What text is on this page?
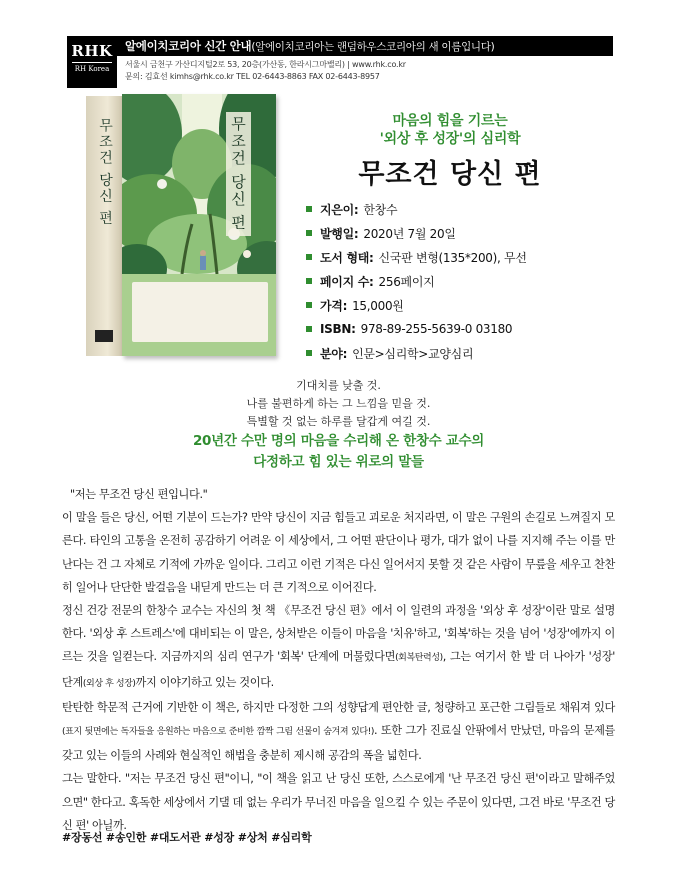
RHK
RH Korea
알에이치코리아 신간 안내(알에이치코리아는 랜덤하우스코리아의 새 이름입니다)
서울시 금천구 가산디지털2로 53, 20층(가산동, 한라시그마밸리) | www.rhk.co.kr
문의: 김효선 kimhs@rhk.co.kr TEL 02-6443-8863 FAX 02-6443-8957
무조건 당신 편	무조건 당신 편	마음의 힘을 기르는
'외상 후 성장'의 심리학
무조건 당신 편
지은이: 한창수
발행일: 2020년 7월 20일
도서 형태: 신국판 변형(135*200), 무선
페이지 수: 256페이지
가격: 15,000원
ISBN: 978-89-255-5639-0 03180
분야: 인문>심리학>교양심리
기대치를 낮출 것.
나를 불편하게 하는 그 느낌을 믿을 것.
특별할 것 없는 하루를 달갑게 여길 것.
20년간 수만 명의 마음을 수리해 온 한창수 교수의
다정하고 힘 있는 위로의 말들

"저는 무조건 당신 편입니다."

이 말을 들은 당신, 어떤 기분이 드는가? 만약 당신이 지금 힘들고 괴로운 처지라면, 이 말은 구원의 손길로 느껴질지 모른다. 타인의 고통을 온전히 공감하기 어려운 이 세상에서, 그 어떤 판단이나 평가, 대가 없이 나를 지지해 주는 이를 만난다는 건 그 자체로 기적에 가까운 일이다. 그리고 이런 기적은 다신 일어서지 못할 것 같은 사람이 무릎을 세우고 찬찬히 일어나 단단한 발걸음을 내딛게 만드는 더 큰 기적으로 이어진다.

정신 건강 전문의 한창수 교수는 자신의 첫 책 《무조건 당신 편》에서 이 일련의 과정을 '외상 후 성장'이란 말로 설명한다. '외상 후 스트레스'에 대비되는 이 말은, 상처받은 이들이 마음을 '치유'하고, '회복'하는 것을 넘어 '성장'에까지 이르는 것을 일컫는다. 지금까지의 심리 연구가 '회복' 단계에 머물렀다면(회복탄력성), 그는 여기서 한 발 더 나아가 '성장' 단계(외상 후 성장)까지 이야기하고 있는 것이다.

탄탄한 학문적 근거에 기반한 이 책은, 하지만 다정한 그의 성향답게 편안한 글, 청량하고 포근한 그림들로 채워져 있다(표지 뒷면에는 독자들을 응원하는 마음으로 준비한 깜짝 그림 선물이 숨겨져 있다!). 또한 그가 진료실 안팎에서 만났던, 마음의 문제를 갖고 있는 이들의 사례와 현실적인 해법을 충분히 제시해 공감의 폭을 넓힌다.

그는 말한다. "저는 무조건 당신 편"이니, "이 책을 읽고 난 당신 또한, 스스로에게 '난 무조건 당신 편'이라고 말해주었으면" 한다고. 혹독한 세상에서 기댈 데 없는 우리가 무너진 마음을 일으킬 수 있는 주문이 있다면, 그건 바로 '무조건 당신 편' 아닐까.

#장동선 #송인한 #대도서관 #성장 #상처 #심리학
